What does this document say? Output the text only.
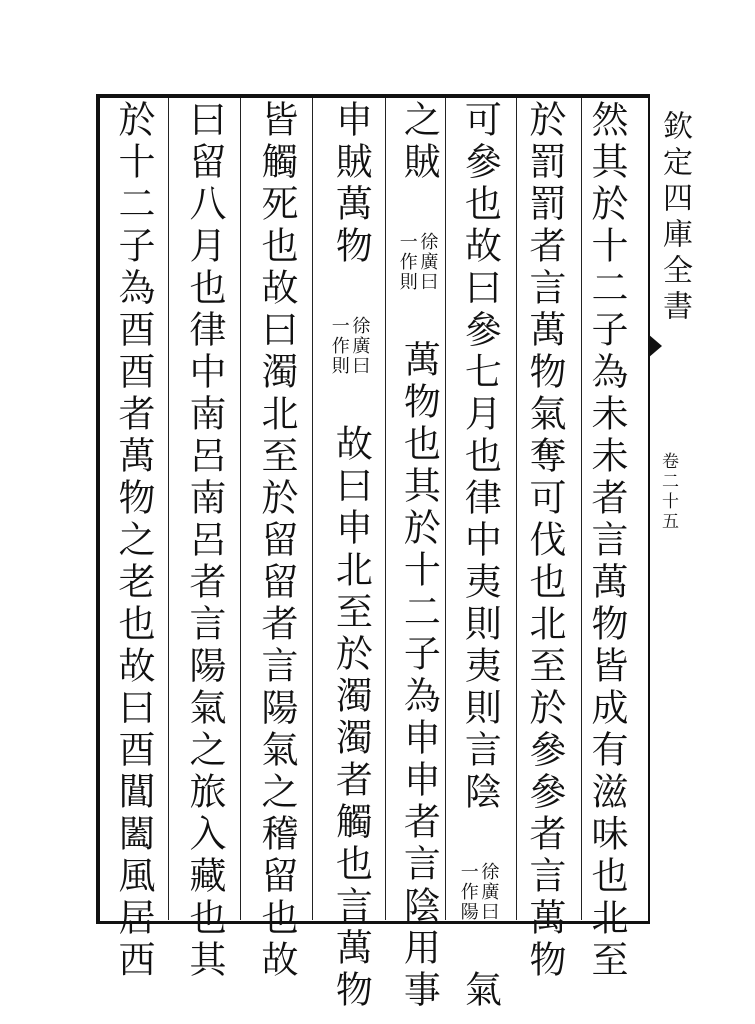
欽定四庫全書
卷二十五
然其於十二子為未未者言萬物皆成有滋味也北至
於罰罰者言萬物氣奪可伐也北至於參參者言萬物
可參也故曰參七月也律中夷則夷則言陰
徐廣曰
一作陽
氣
之賊
徐廣曰
一作則
萬物也其於十二子為申申者言陰用事
申賊萬物
徐廣曰
一作則
故曰申北至於濁濁者觸也言萬物
皆觸死也故曰濁北至於留留者言陽氣之稽留也故
曰留八月也律中南呂南呂者言陽氣之旅入藏也其
於十二子為酉酉者萬物之老也故曰酉閶闔風居西
